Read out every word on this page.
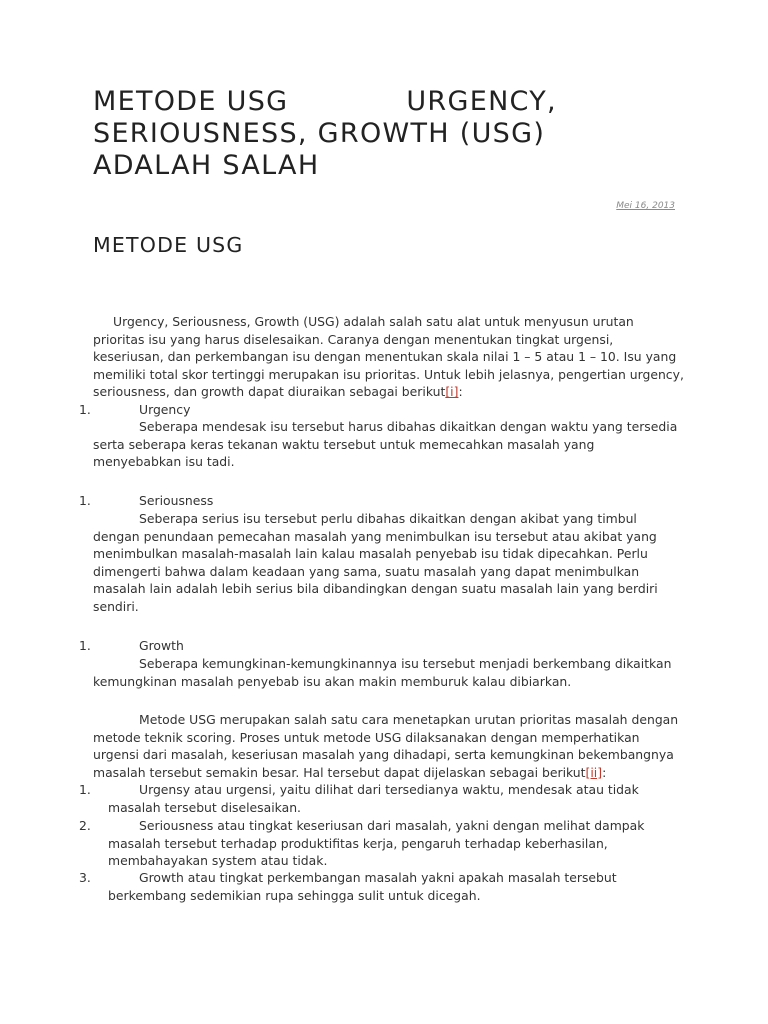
METODE USG	URGENCY,
SERIOUSNESS, GROWTH (USG)
ADALAH SALAH
Mei 16, 2013
METODE USG

Urgency, Seriousness, Growth (USG) adalah salah satu alat untuk menyusun urutan prioritas isu yang harus diselesaikan. Caranya dengan menentukan tingkat urgensi, keseriusan, dan perkembangan isu dengan menentukan skala nilai 1 – 5 atau 1 – 10. Isu yang memiliki total skor tertinggi merupakan isu prioritas. Untuk lebih jelasnya, pengertian urgency, seriousness, dan growth dapat diuraikan sebagai berikut[i]:

1.	Urgency

Seberapa mendesak isu tersebut harus dibahas dikaitkan dengan waktu yang tersedia serta seberapa keras tekanan waktu tersebut untuk memecahkan masalah yang menyebabkan isu tadi.

1.	Seriousness

Seberapa serius isu tersebut perlu dibahas dikaitkan dengan akibat yang timbul dengan penundaan pemecahan masalah yang menimbulkan isu tersebut atau akibat yang menimbulkan masalah-masalah lain kalau masalah penyebab isu tidak dipecahkan. Perlu dimengerti bahwa dalam keadaan yang sama, suatu masalah yang dapat menimbulkan masalah lain adalah lebih serius bila dibandingkan dengan suatu masalah lain yang berdiri sendiri.

1.	Growth

Seberapa kemungkinan-kemungkinannya isu tersebut menjadi berkembang dikaitkan kemungkinan masalah penyebab isu akan makin memburuk kalau dibiarkan.

Metode USG merupakan salah satu cara menetapkan urutan prioritas masalah dengan metode teknik scoring. Proses untuk metode USG dilaksanakan dengan memperhatikan urgensi dari masalah, keseriusan masalah yang dihadapi, serta kemungkinan bekembangnya masalah tersebut semakin besar. Hal tersebut dapat dijelaskan sebagai berikut[ii]:

1.	Urgensy atau urgensi, yaitu dilihat dari tersedianya waktu, mendesak atau tidak masalah tersebut diselesaikan.

2.	Seriousness atau tingkat keseriusan dari masalah, yakni dengan melihat dampak masalah tersebut terhadap produktifitas kerja, pengaruh terhadap keberhasilan, membahayakan system atau tidak.

3.	Growth atau tingkat perkembangan masalah yakni apakah masalah tersebut berkembang sedemikian rupa sehingga sulit untuk dicegah.
